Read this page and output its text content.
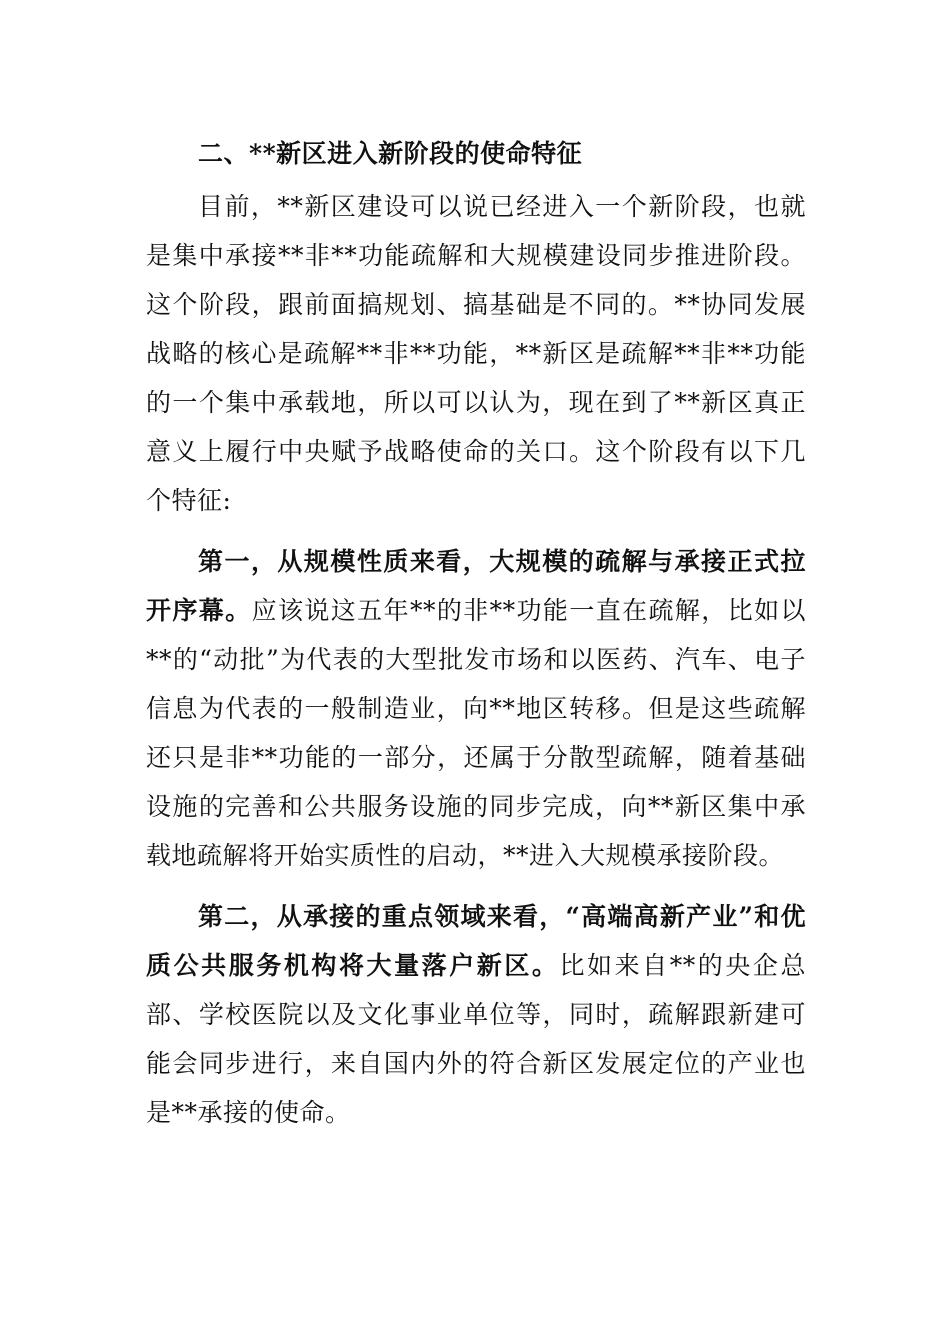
二、**新区进入新阶段的使命特征

目前，**新区建设可以说已经进入一个新阶段，也就是集中承接**非**功能疏解和大规模建设同步推进阶段。这个阶段，跟前面搞规划、搞基础是不同的。**协同发展战略的核心是疏解**非**功能，**新区是疏解**非**功能的一个集中承载地，所以可以认为，现在到了**新区真正意义上履行中央赋予战略使命的关口。这个阶段有以下几个特征:

第一，从规模性质来看，大规模的疏解与承接正式拉开序幕。应该说这五年**的非**功能一直在疏解，比如以**的“动批”为代表的大型批发市场和以医药、汽车、电子信息为代表的一般制造业，向**地区转移。但是这些疏解还只是非**功能的一部分，还属于分散型疏解，随着基础设施的完善和公共服务设施的同步完成，向**新区集中承载地疏解将开始实质性的启动，**进入大规模承接阶段。

第二，从承接的重点领域来看，“高端高新产业”和优质公共服务机构将大量落户新区。比如来自**的央企总部、学校医院以及文化事业单位等，同时，疏解跟新建可能会同步进行，来自国内外的符合新区发展定位的产业也是**承接的使命。
